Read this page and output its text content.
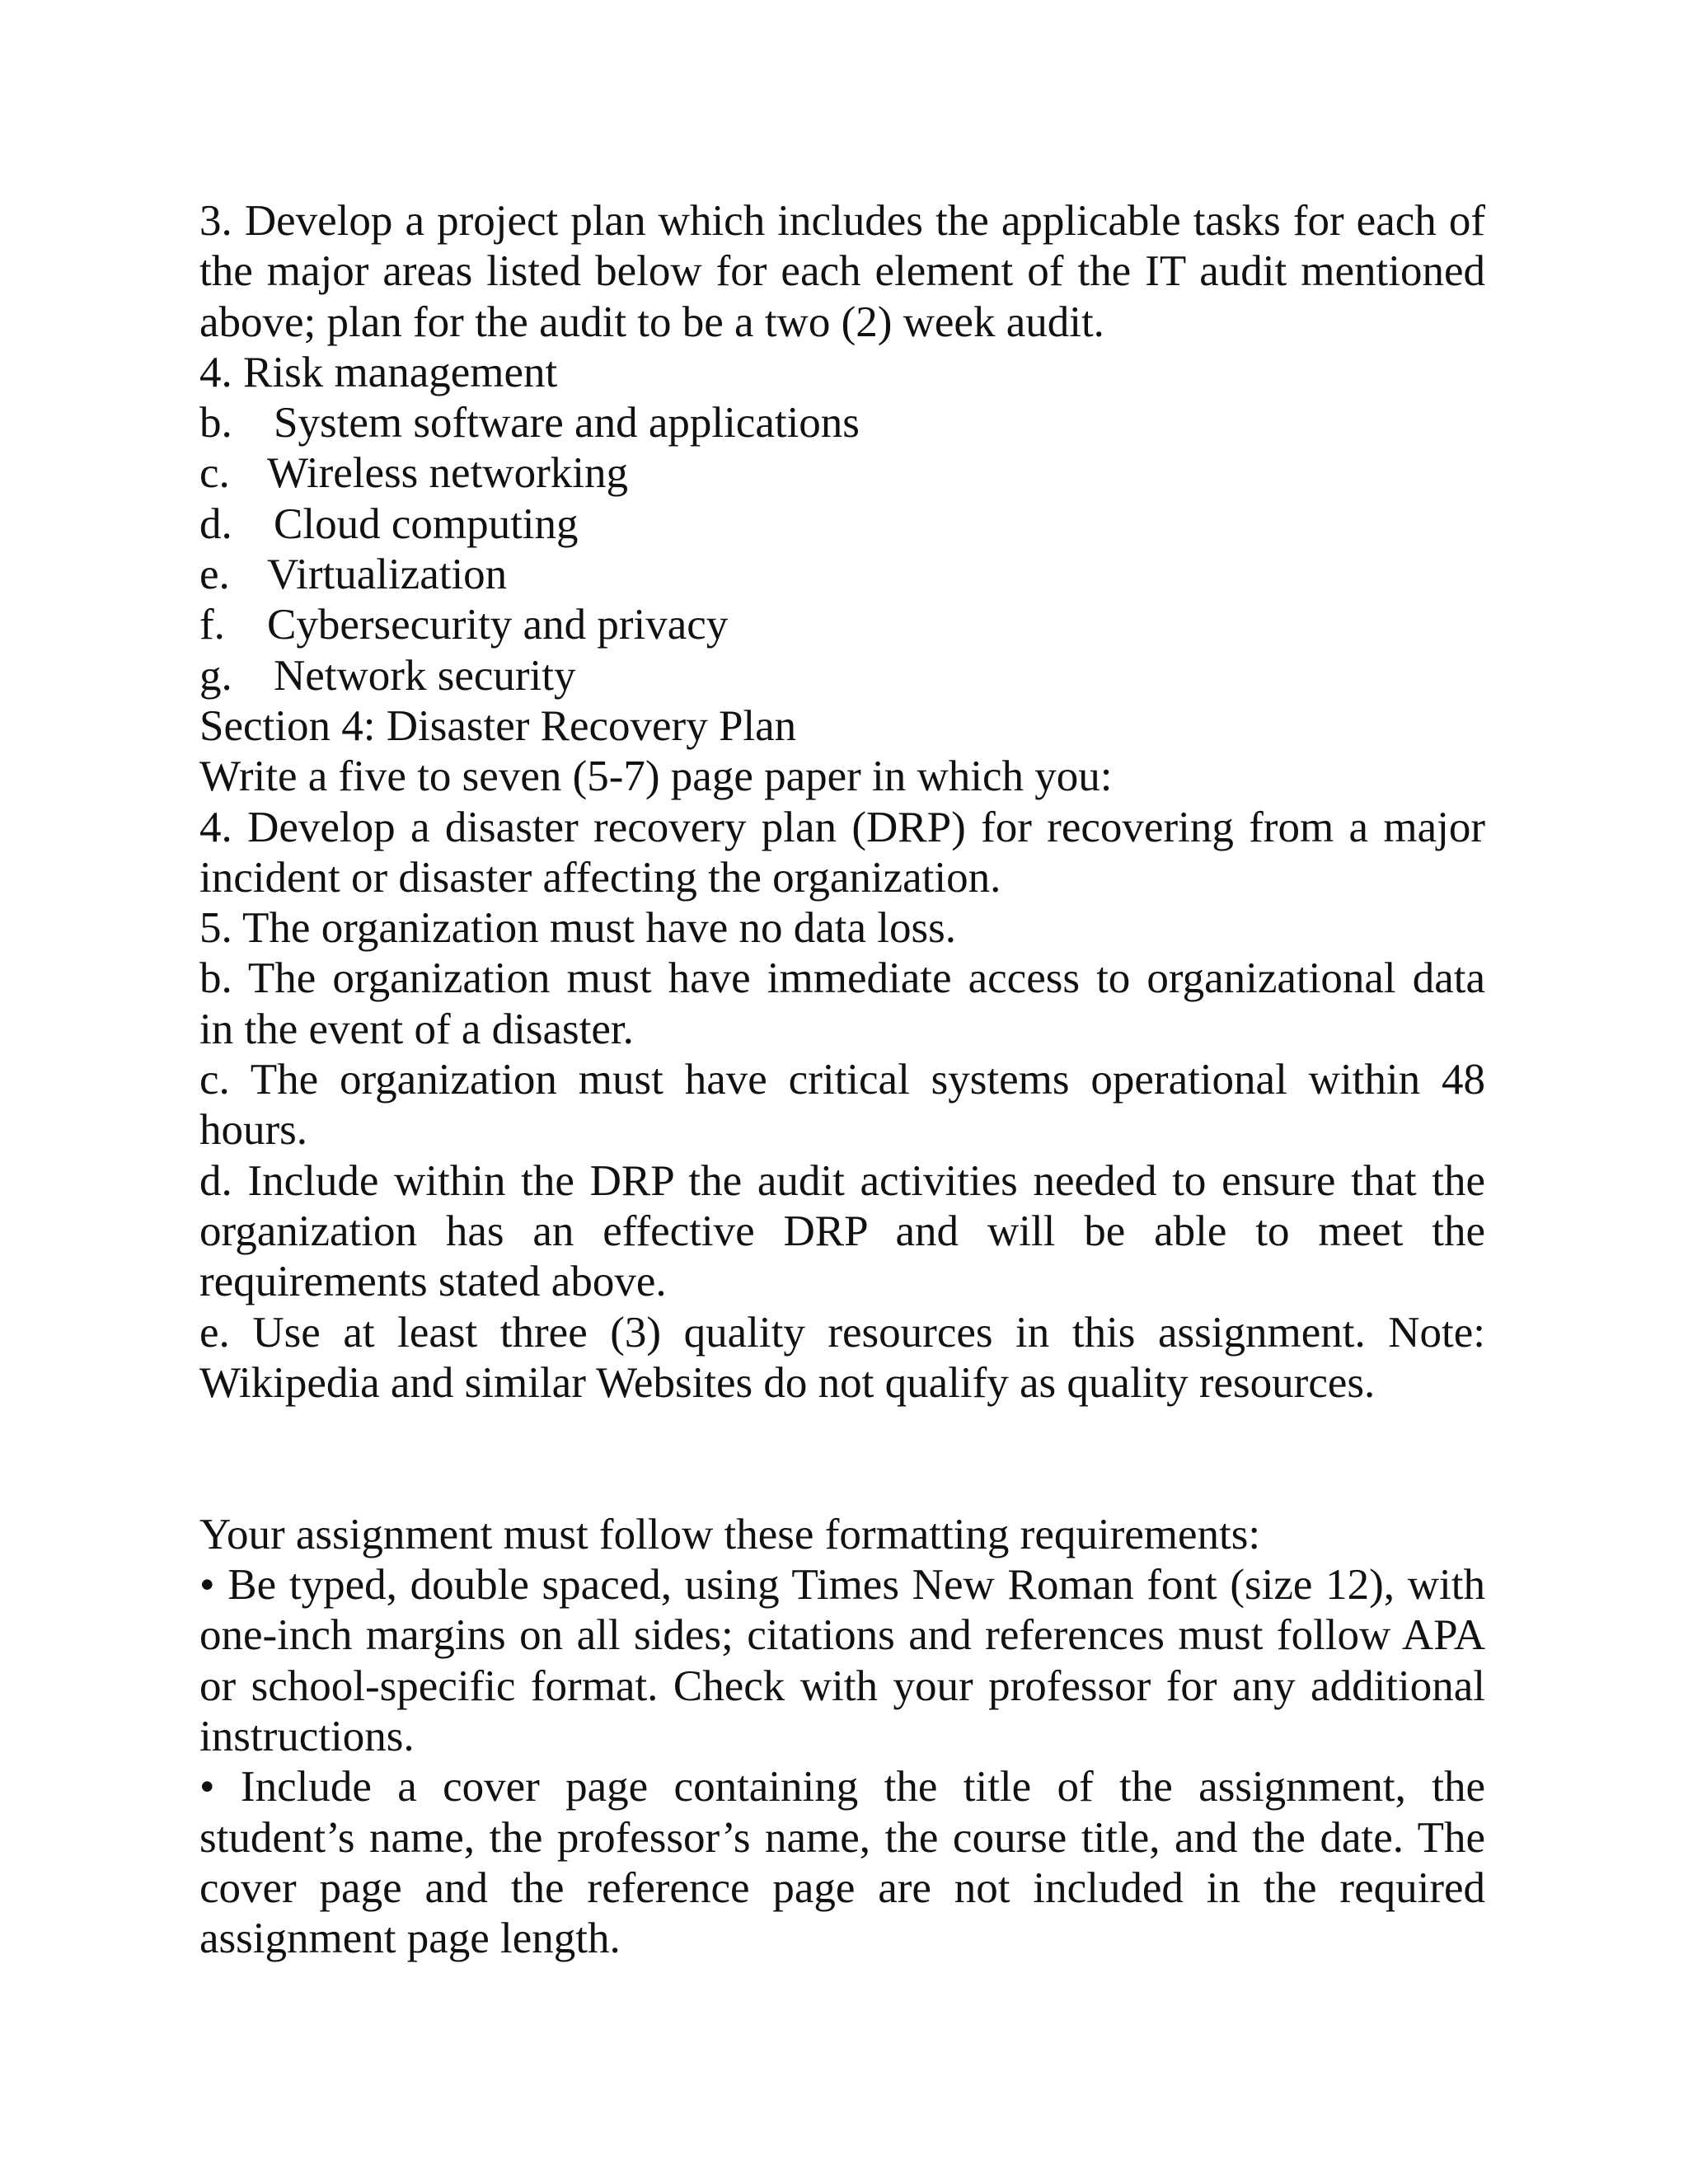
3. Develop a project plan which includes the applicable tasks for each of
the major areas listed below for each element of the IT audit mentioned
above; plan for the audit to be a two (2) week audit.
4. Risk management
b. System software and applications
c. Wireless networking
d. Cloud computing
e. Virtualization
f. Cybersecurity and privacy
g. Network security
Section 4: Disaster Recovery Plan
Write a five to seven (5-7) page paper in which you:
4. Develop a disaster recovery plan (DRP) for recovering from a major
incident or disaster affecting the organization.
5. The organization must have no data loss.
b. The organization must have immediate access to organizational data
in the event of a disaster.
c. The organization must have critical systems operational within 48
hours.
d. Include within the DRP the audit activities needed to ensure that the
organization has an effective DRP and will be able to meet the
requirements stated above.
e. Use at least three (3) quality resources in this assignment. Note:
Wikipedia and similar Websites do not qualify as quality resources.
Your assignment must follow these formatting requirements:
• Be typed, double spaced, using Times New Roman font (size 12), with
one-inch margins on all sides; citations and references must follow APA
or school-specific format. Check with your professor for any additional
instructions.
• Include a cover page containing the title of the assignment, the
student’s name, the professor’s name, the course title, and the date. The
cover page and the reference page are not included in the required
assignment page length.
